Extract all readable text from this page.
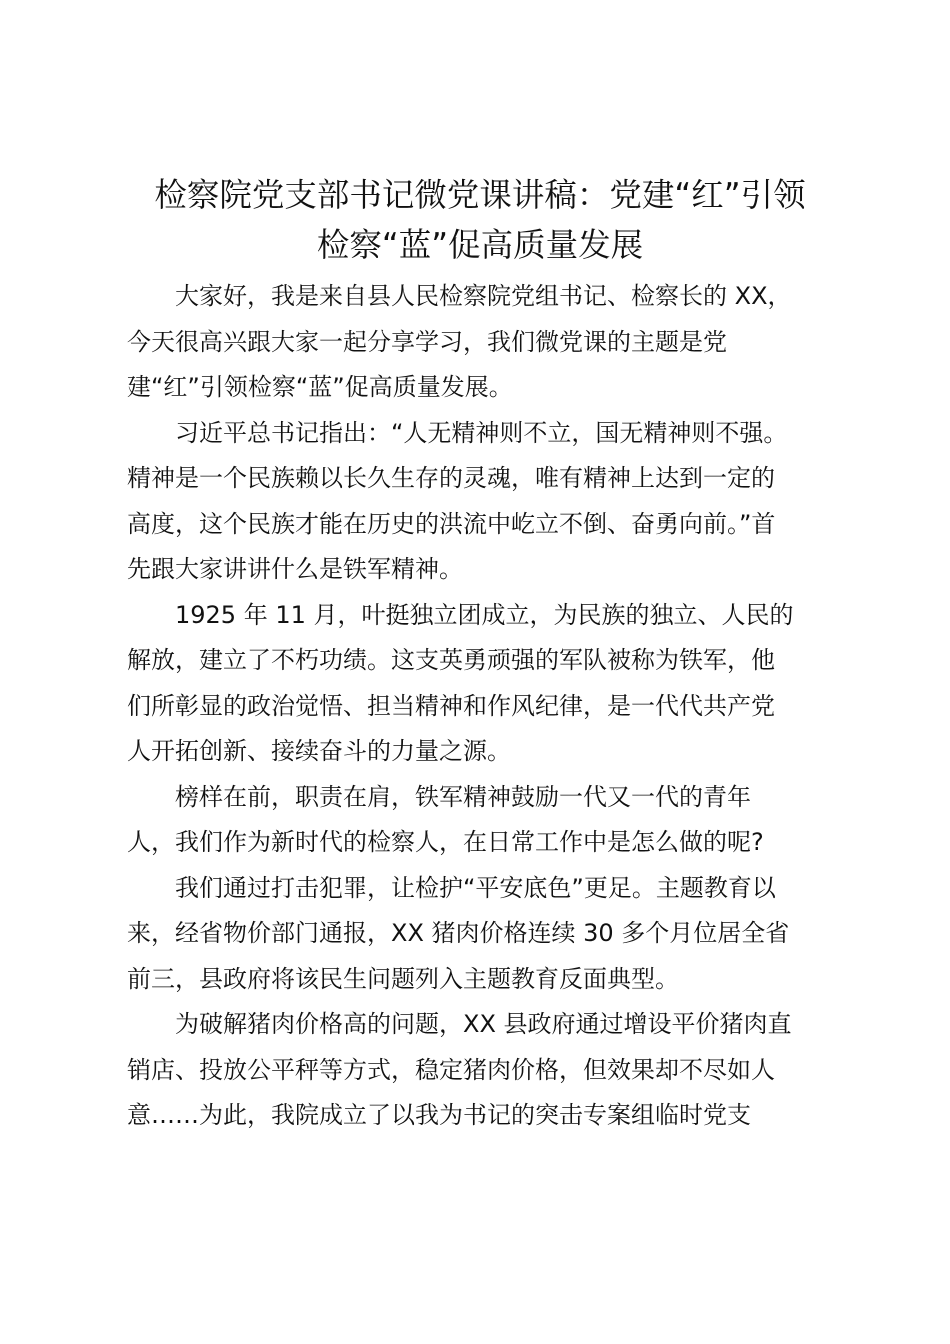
检察院党支部书记微党课讲稿：党建“红”引领
检察“蓝”促高质量发展

大家好，我是来自县人民检察院党组书记、检察长的 XX，
今天很高兴跟大家一起分享学习，我们微党课的主题是党
建“红”引领检察“蓝”促高质量发展。

习近平总书记指出：“人无精神则不立，国无精神则不强。
精神是一个民族赖以长久生存的灵魂，唯有精神上达到一定的
高度，这个民族才能在历史的洪流中屹立不倒、奋勇向前。”首
先跟大家讲讲什么是铁军精神。

1925 年 11 月，叶挺独立团成立，为民族的独立、人民的
解放，建立了不朽功绩。这支英勇顽强的军队被称为铁军，他
们所彰显的政治觉悟、担当精神和作风纪律，是一代代共产党
人开拓创新、接续奋斗的力量之源。

榜样在前，职责在肩，铁军精神鼓励一代又一代的青年
人，我们作为新时代的检察人，在日常工作中是怎么做的呢?

我们通过打击犯罪，让检护“平安底色”更足。主题教育以
来，经省物价部门通报，XX 猪肉价格连续 30 多个月位居全省
前三，县政府将该民生问题列入主题教育反面典型。

为破解猪肉价格高的问题，XX 县政府通过增设平价猪肉直
销店、投放公平秤等方式，稳定猪肉价格，但效果却不尽如人
意……为此，我院成立了以我为书记的突击专案组临时党支
